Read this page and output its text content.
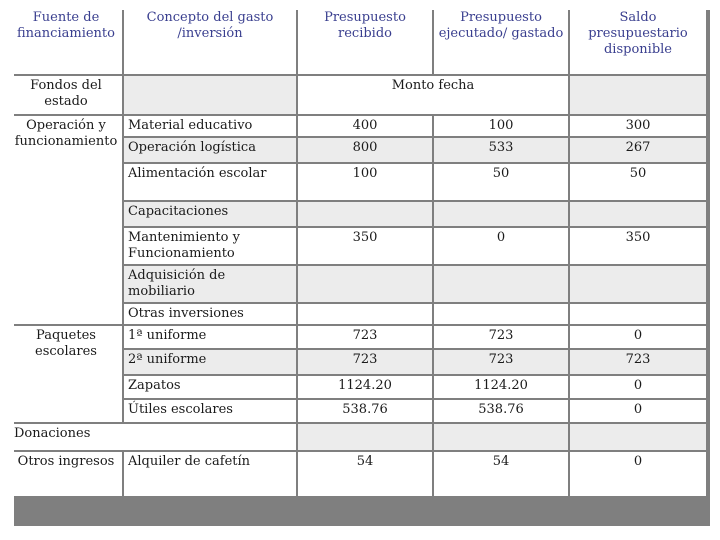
Fuente de financiamiento	Concepto del gasto /inversión	Presupuesto recibido	Presupuesto ejecutado/ gastado	Saldo presupuestario disponible
Fondos del estado		Monto fecha		
Operación y funcionamiento	Material educativo	400	100	300
	Operación logística	800	533	267
	Alimentación escolar	100	50	50
	Capacitaciones			
	Mantenimiento y Funcionamiento	350	0	350
	Adquisición de mobiliario			
	Otras inversiones			
Paquetes escolares	1ª uniforme	723	723	0
	2ª uniforme	723	723	723
	Zapatos	1124.20	1124.20	0
	Útiles escolares	538.76	538.76	0
Donaciones				
Otros ingresos	Alquiler de cafetín	54	54	0
